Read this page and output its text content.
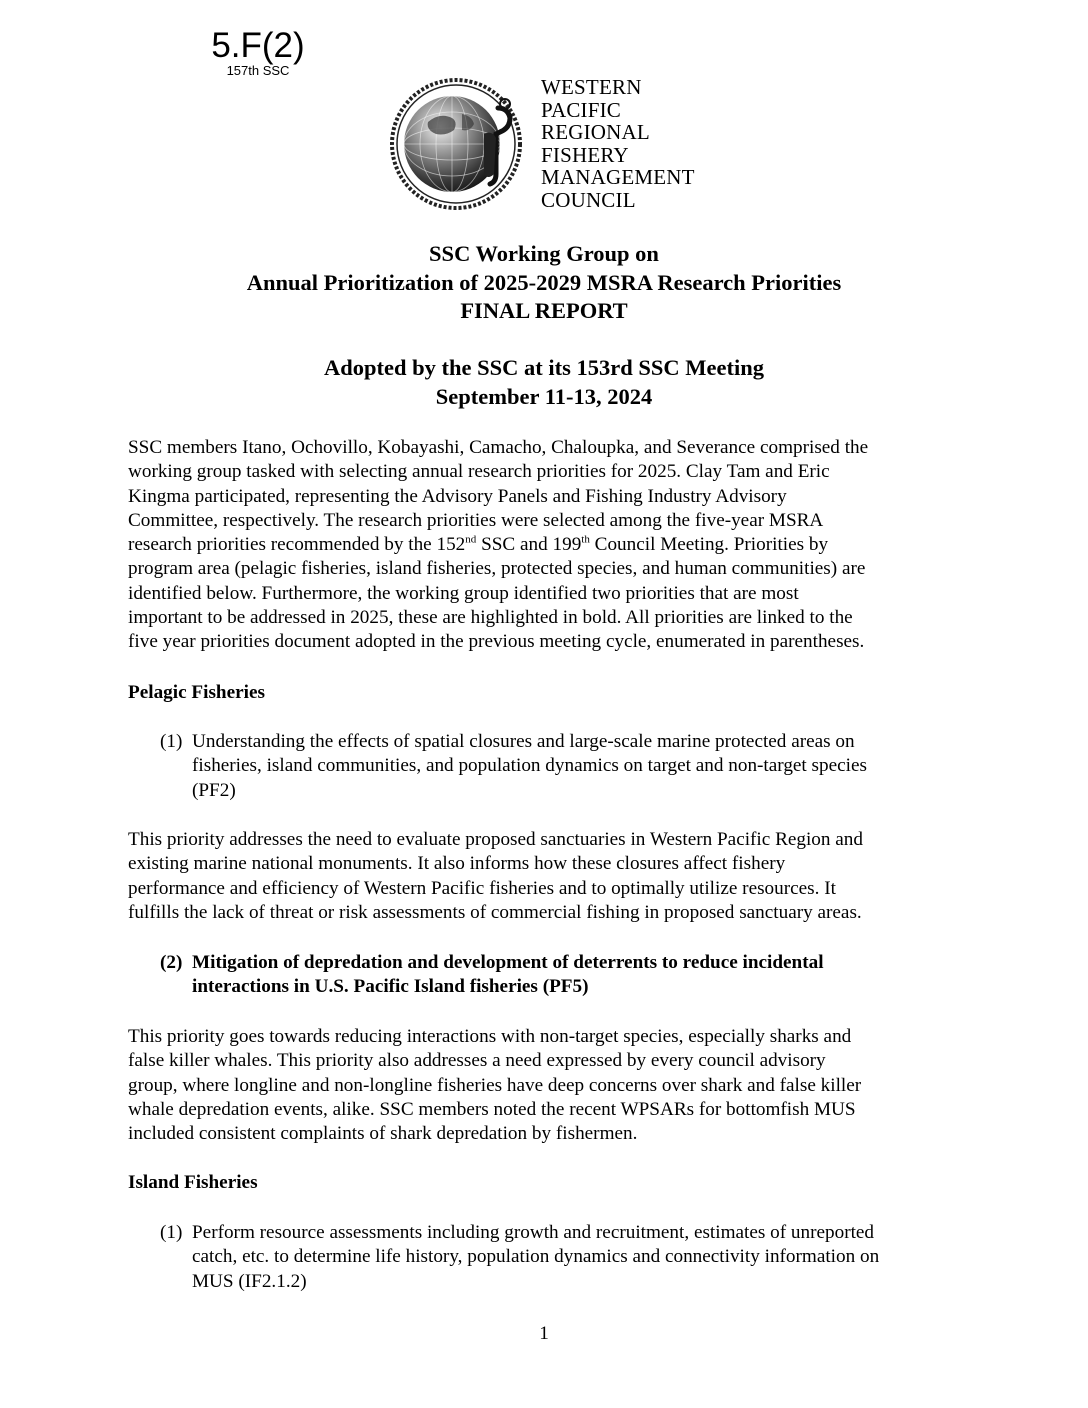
5.F(2)
157th SSC
WESTERN
PACIFIC
REGIONAL
FISHERY
MANAGEMENT
COUNCIL
SSC Working Group on
Annual Prioritization of 2025-2029 MSRA Research Priorities
FINAL REPORT
Adopted by the SSC at its 153rd SSC Meeting
September 11-13, 2024
SSC members Itano, Ochovillo, Kobayashi, Camacho, Chaloupka, and Severance comprised the
working group tasked with selecting annual research priorities for 2025. Clay Tam and Eric
Kingma participated, representing the Advisory Panels and Fishing Industry Advisory
Committee, respectively. The research priorities were selected among the five-year MSRA
research priorities recommended by the 152nd SSC and 199th Council Meeting. Priorities by
program area (pelagic fisheries, island fisheries, protected species, and human communities) are
identified below. Furthermore, the working group identified two priorities that are most
important to be addressed in 2025, these are highlighted in bold. All priorities are linked to the
five year priorities document adopted in the previous meeting cycle, enumerated in parentheses.
Pelagic Fisheries
(1) Understanding the effects of spatial closures and large-scale marine protected areas on
fisheries, island communities, and population dynamics on target and non-target species
(PF2)
This priority addresses the need to evaluate proposed sanctuaries in Western Pacific Region and
existing marine national monuments. It also informs how these closures affect fishery
performance and efficiency of Western Pacific fisheries and to optimally utilize resources. It
fulfills the lack of threat or risk assessments of commercial fishing in proposed sanctuary areas.
(2) Mitigation of depredation and development of deterrents to reduce incidental
interactions in U.S. Pacific Island fisheries (PF5)
This priority goes towards reducing interactions with non-target species, especially sharks and
false killer whales. This priority also addresses a need expressed by every council advisory
group, where longline and non-longline fisheries have deep concerns over shark and false killer
whale depredation events, alike. SSC members noted the recent WPSARs for bottomfish MUS
included consistent complaints of shark depredation by fishermen.
Island Fisheries
(1) Perform resource assessments including growth and recruitment, estimates of unreported
catch, etc. to determine life history, population dynamics and connectivity information on
MUS (IF2.1.2)
1
